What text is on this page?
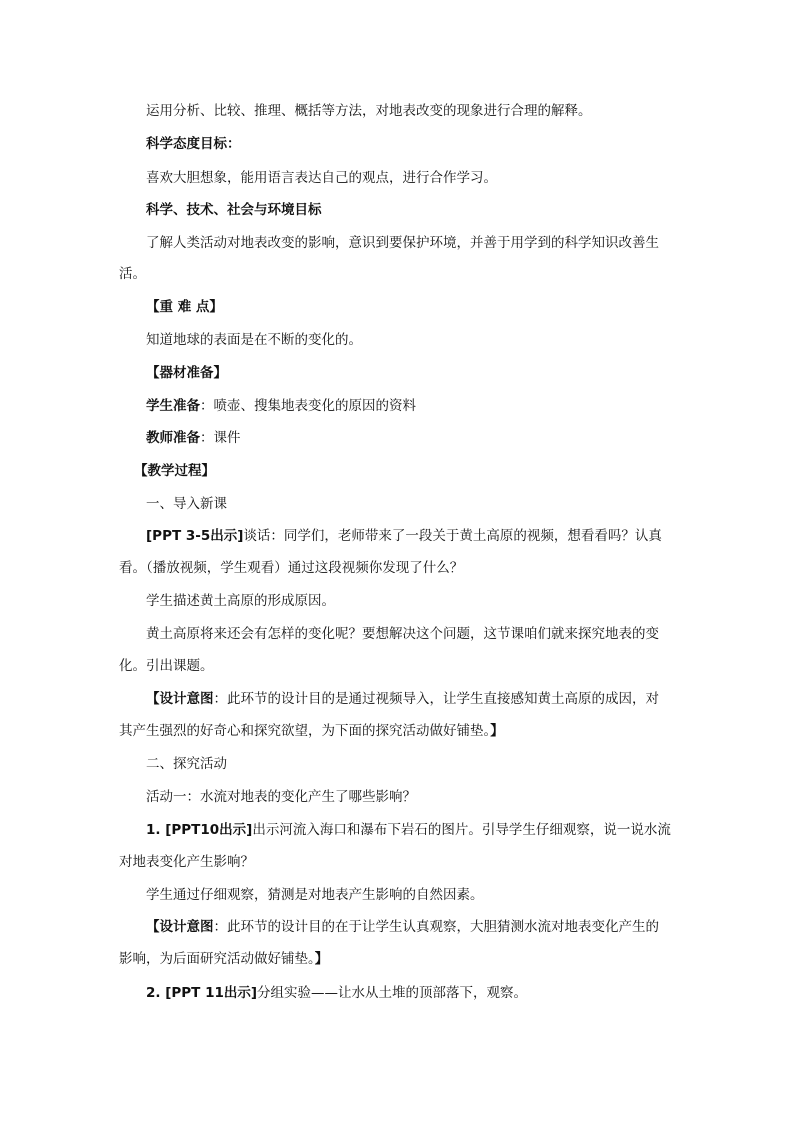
运用分析、比较、推理、概括等方法，对地表改变的现象进行合理的解释。
科学态度目标：
喜欢大胆想象，能用语言表达自己的观点，进行合作学习。
科学、技术、社会与环境目标
了解人类活动对地表改变的影响，意识到要保护环境，并善于用学到的科学知识改善生
活。
【重 难 点】
知道地球的表面是在不断的变化的。
【器材准备】
学生准备：喷壶、搜集地表变化的原因的资料
教师准备：课件
【教学过程】
一、导入新课
[PPT 3-5出示]谈话：同学们，老师带来了一段关于黄土高原的视频，想看看吗？认真
看。（播放视频，学生观看）通过这段视频你发现了什么？
学生描述黄土高原的形成原因。
黄土高原将来还会有怎样的变化呢？要想解决这个问题，这节课咱们就来探究地表的变
化。引出课题。
【设计意图：此环节的设计目的是通过视频导入，让学生直接感知黄土高原的成因，对
其产生强烈的好奇心和探究欲望，为下面的探究活动做好铺垫。】
二、探究活动
活动一：水流对地表的变化产生了哪些影响？
1. [PPT10出示]出示河流入海口和瀑布下岩石的图片。引导学生仔细观察，说一说水流
对地表变化产生影响？
学生通过仔细观察，猜测是对地表产生影响的自然因素。
【设计意图：此环节的设计目的在于让学生认真观察，大胆猜测水流对地表变化产生的
影响，为后面研究活动做好铺垫。】
2. [PPT 11出示]分组实验——让水从土堆的顶部落下，观察。
